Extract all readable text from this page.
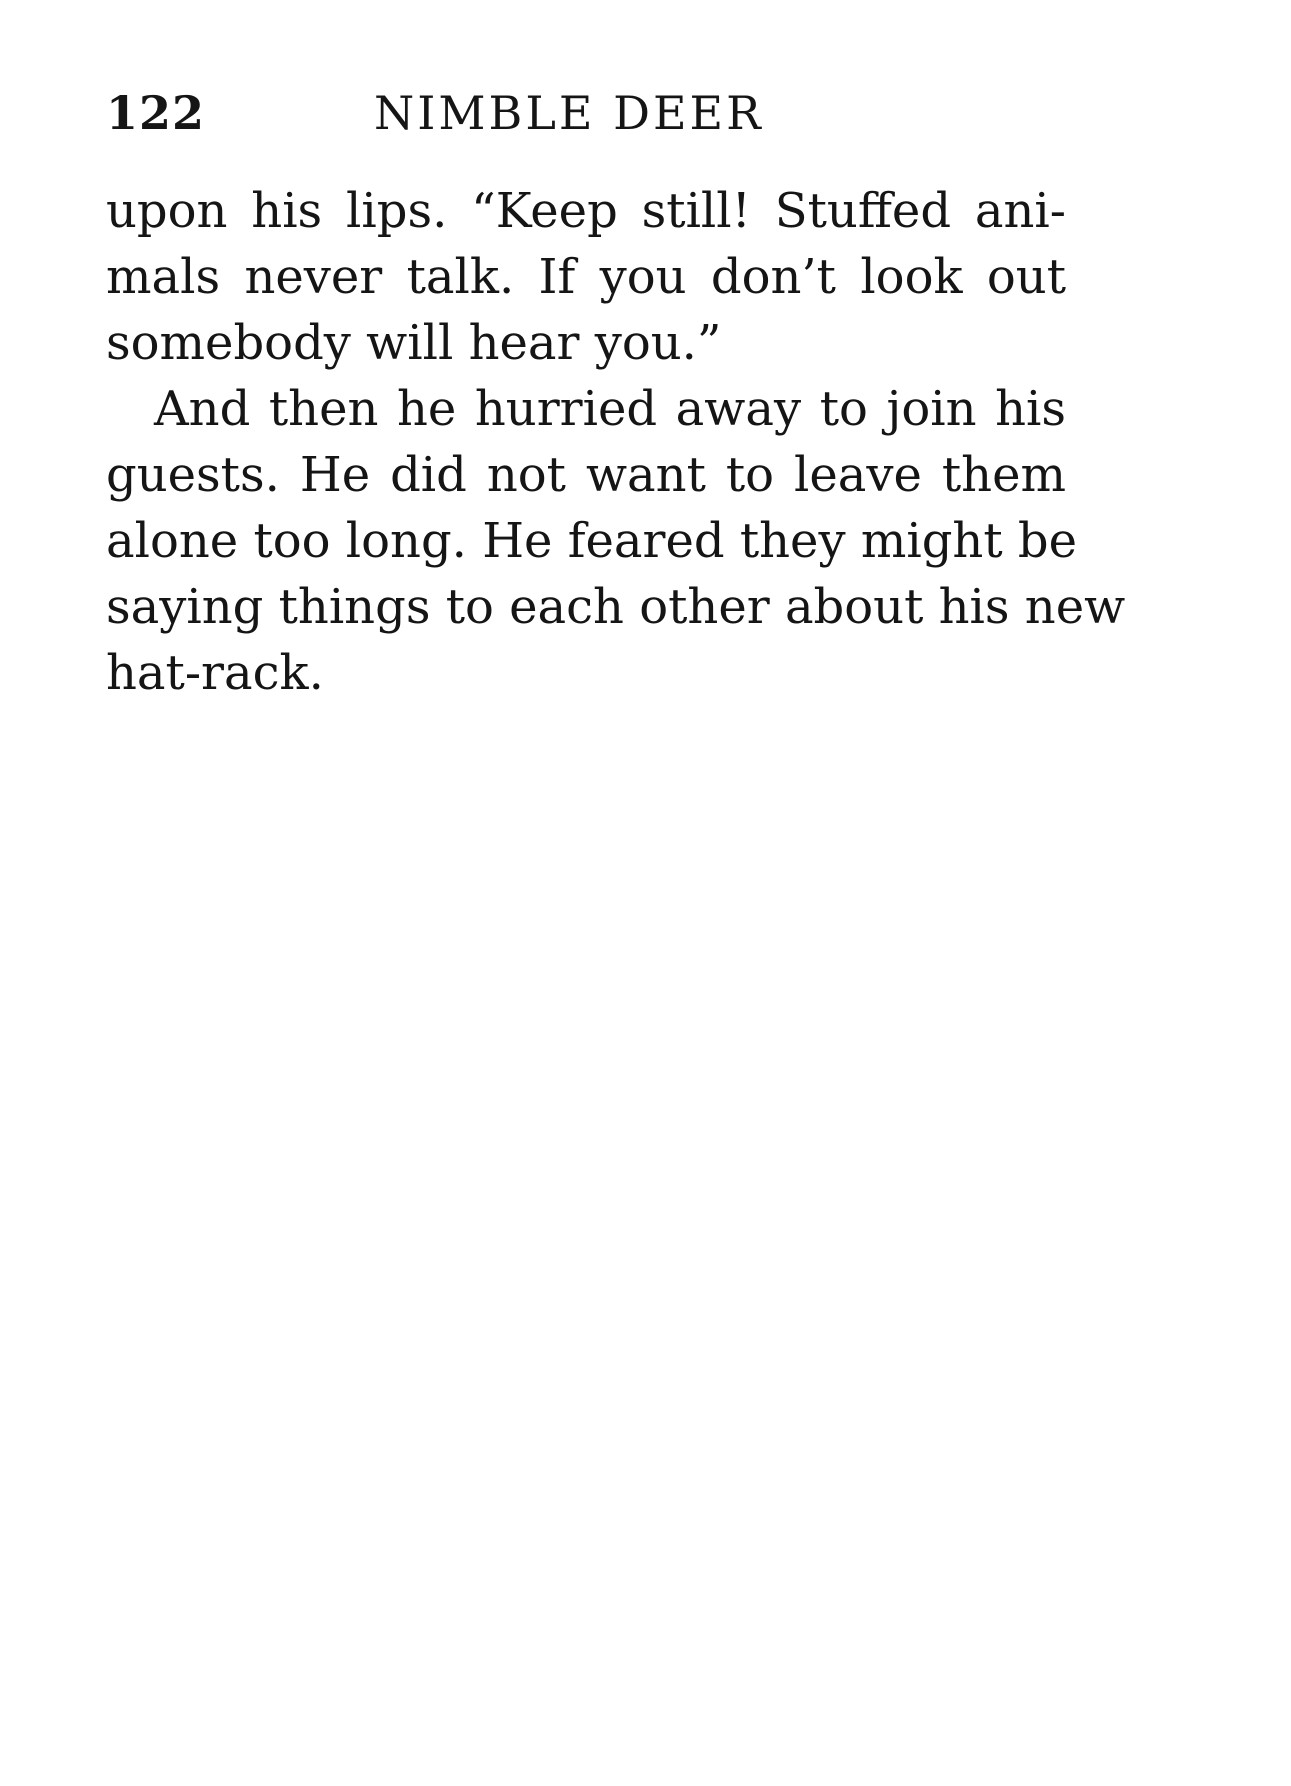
122	NIMBLE DEER
upon his lips. “Keep still! Stuffed ani-
mals never talk. If you don’t look out
somebody will hear you.”
And then he hurried away to join his
guests. He did not want to leave them
alone too long. He feared they might be
saying things to each other about his new
hat-rack.
